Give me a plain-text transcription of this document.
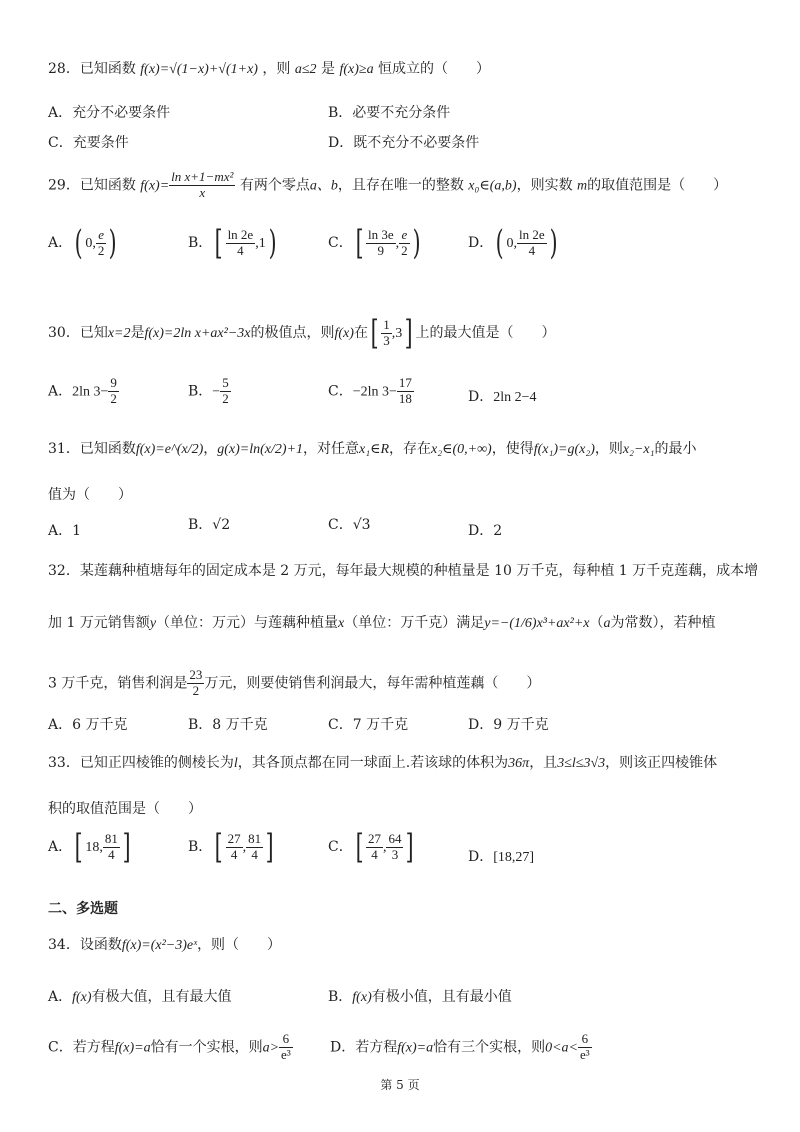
28．已知函数 f(x)=√(1−x)+√(1+x) ，则 a≤2 是 f(x)≥a 恒成立的（　　）
A．充分不必要条件	B．必要不充分条件
C．充要条件	D．既不充分不必要条件
29．已知函数 $f(x)= \frac{\text{ln x+1−mx²}}{x}$ 有两个零点a、b，且存在唯一的整数 x₀∈(a,b)，则实数 m的取值范围是（　　）
A．( 0, $\frac{e}{2}$ )	B．[ $\frac{\ln 2e}{4} ,1$)	C．[ $\frac{\ln 3e}{9}$ , $\frac{e}{2}$ )	D．( 0, $\frac{\ln 2e}{4}$ )
30．已知x=2是f(x)=2ln x+ax²−3x的极值点，则f(x)在[ $\frac{1}{3} ,3$] 上的最大值是（　　）
A．2ln $3- \frac{9}{2}$	B．− $\frac{5}{2}$	C．−2ln $3- \frac{17}{18}$	D．2ln 2−4
31．已知函数f(x)=e^(x/2)，g(x)=ln(x/2)+1，对任意x₁∈R，存在x₂∈(0,+∞)，使得f(x₁)=g(x₂)，则x₂−x₁的最小
值为（　　）
A．1	B．√2	C．√3	D．2
32．某莲藕种植塘每年的固定成本是 2 万元，每年最大规模的种植量是 10 万千克，每种植 1 万千克莲藕，成本增
加 1 万元销售额y（单位：万元）与莲藕种植量x（单位：万千克）满足y=−(1/6)x³+ax²+x（a为常数），若种植
3 万千克，销售利润是 $\frac{23}{2}$ 万元，则要使销售利润最大，每年需种植莲藕（　　）
A．6 万千克	B．8 万千克	C．7 万千克	D．9 万千克
33．已知正四棱锥的侧棱长为l，其各顶点都在同一球面上.若该球的体积为36π，且3≤l≤3√3，则该正四棱锥体
积的取值范围是（　　）
A．[ 18, $\frac{81}{4}$ ]	B．[ $\frac{27}{4}$ , $\frac{81}{4}$ ]	C．[ $\frac{27}{4}$ , $\frac{64}{3}$ ]	D．[18,27]
二、多选题
34．设函数f(x)=(x²−3)eˣ，则（　　）
A．f(x)有极大值，且有最大值	B．f(x)有极小值，且有最小值
C．若方程f(x)=a恰有一个实根，则$a> \frac{6}{\text{e³}}$	D．若方程f(x)=a恰有三个实根，则$0<a< \frac{6}{\text{e³}}$
第 5 页
